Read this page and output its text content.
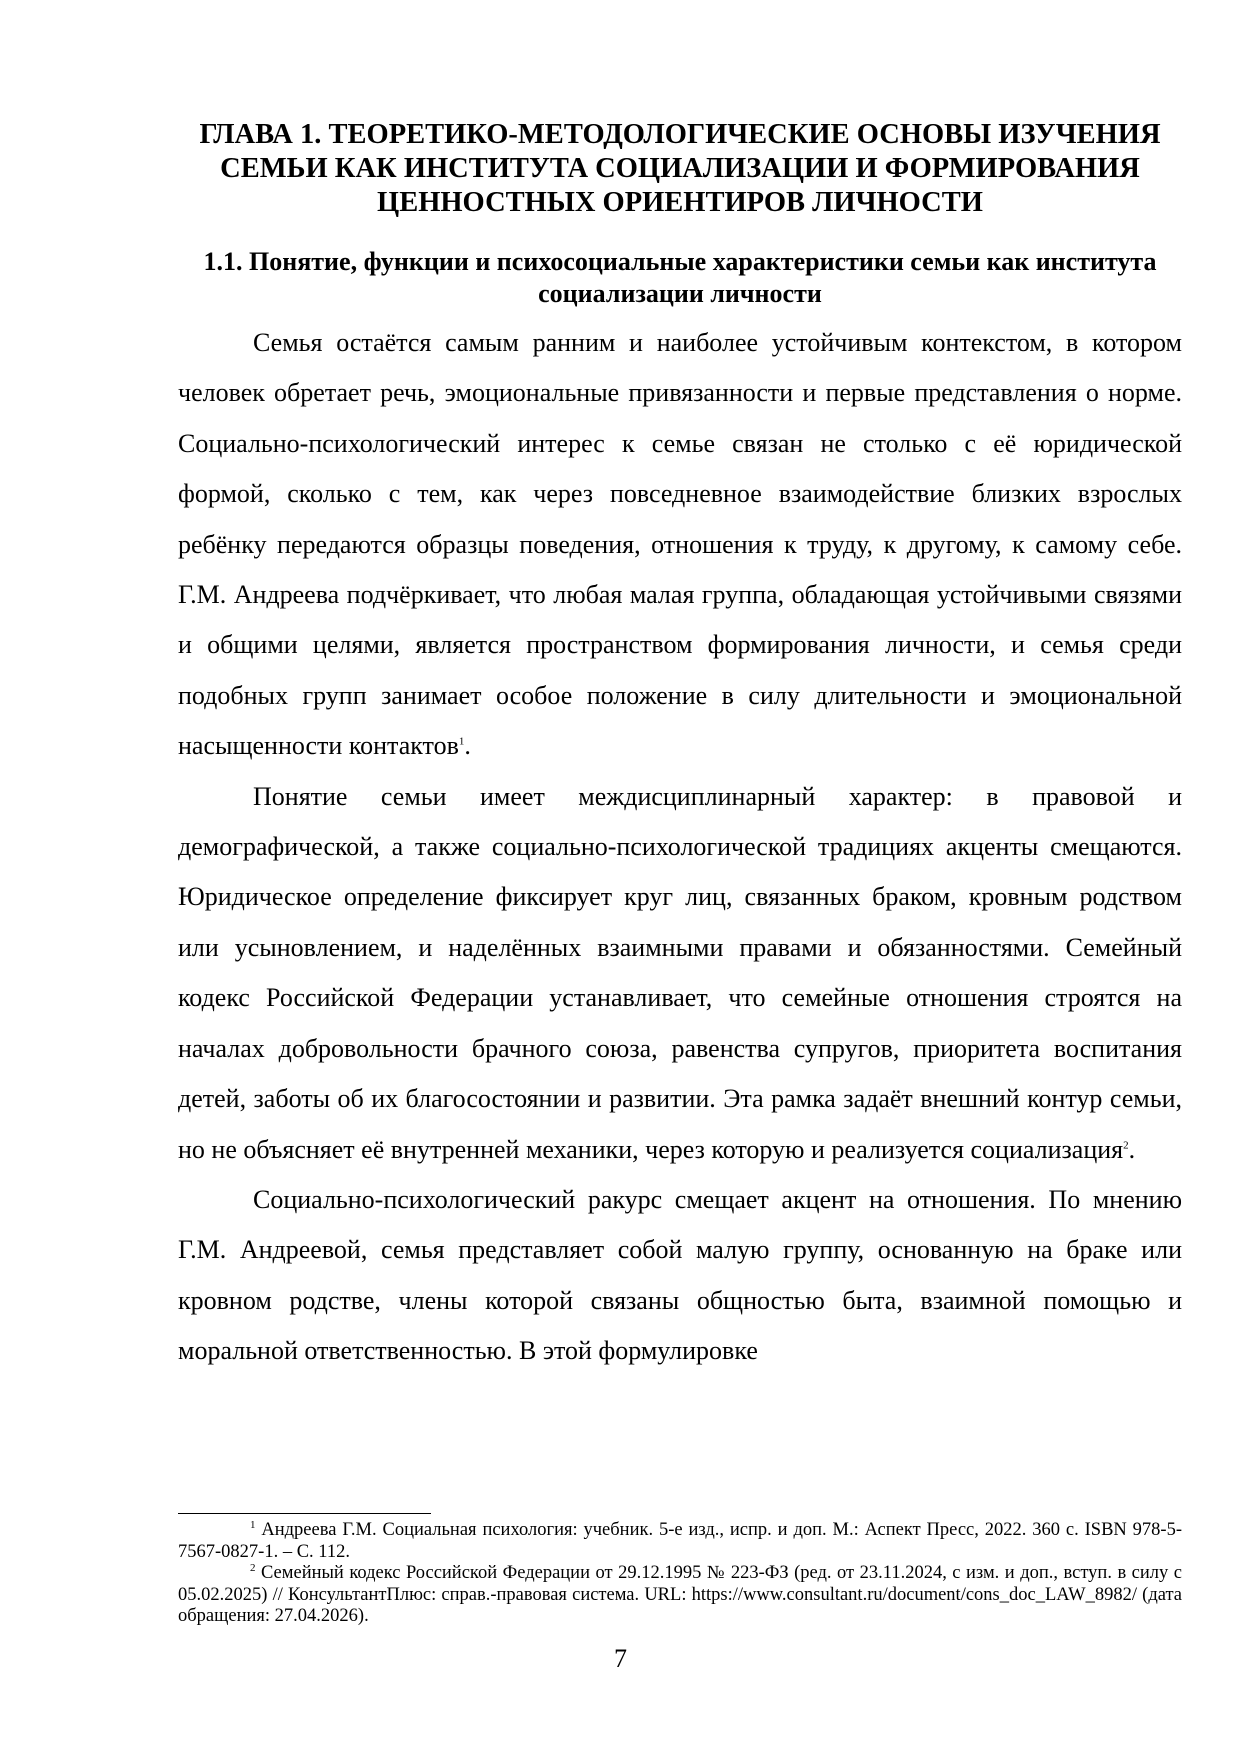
ГЛАВА 1. ТЕОРЕТИКО-МЕТОДОЛОГИЧЕСКИЕ ОСНОВЫ ИЗУЧЕНИЯ СЕМЬИ КАК ИНСТИТУТА СОЦИАЛИЗАЦИИ И ФОРМИРОВАНИЯ ЦЕННОСТНЫХ ОРИЕНТИРОВ ЛИЧНОСТИ
1.1. Понятие, функции и психосоциальные характеристики семьи как института социализации личности

Семья остаётся самым ранним и наиболее устойчивым контекстом, в котором человек обретает речь, эмоциональные привязанности и первые представления о норме. Социально-психологический интерес к семье связан не столько с её юридической формой, сколько с тем, как через повседневное взаимодействие близких взрослых ребёнку передаются образцы поведения, отношения к труду, к другому, к самому себе. Г.М. Андреева подчёркивает, что любая малая группа, обладающая устойчивыми связями и общими целями, является пространством формирования личности, и семья среди подобных групп занимает особое положение в силу длительности и эмоциональной насыщенности контактов$^1$.

Понятие семьи имеет междисциплинарный характер: в правовой и демографической, а также социально-психологической традициях акценты смещаются. Юридическое определение фиксирует круг лиц, связанных браком, кровным родством или усыновлением, и наделённых взаимными правами и обязанностями. Семейный кодекс Российской Федерации устанавливает, что семейные отношения строятся на началах добровольности брачного союза, равенства супругов, приоритета воспитания детей, заботы об их благосостоянии и развитии. Эта рамка задаёт внешний контур семьи, но не объясняет её внутренней механики, через которую и реализуется социализация$^2$.

Социально-психологический ракурс смещает акцент на отношения. По мнению Г.М. Андреевой, семья представляет собой малую группу, основанную на браке или кровном родстве, члены которой связаны общностью быта, взаимной помощью и моральной ответственностью. В этой формулировке

$^1$ Андреева Г.М. Социальная психология: учебник. 5-е изд., испр. и доп. М.: Аспект Пресс, 2022. 360 с. ISBN 978-5-7567-0827-1. – С. 112.

$^2$ Семейный кодекс Российской Федерации от 29.12.1995 № 223-ФЗ (ред. от 23.11.2024, с изм. и доп., вступ. в силу с 05.02.2025) // КонсультантПлюс: справ.-правовая система. URL: https://www.consultant.ru/document/cons_doc_LAW_8982/ (дата обращения: 27.04.2026).

7
